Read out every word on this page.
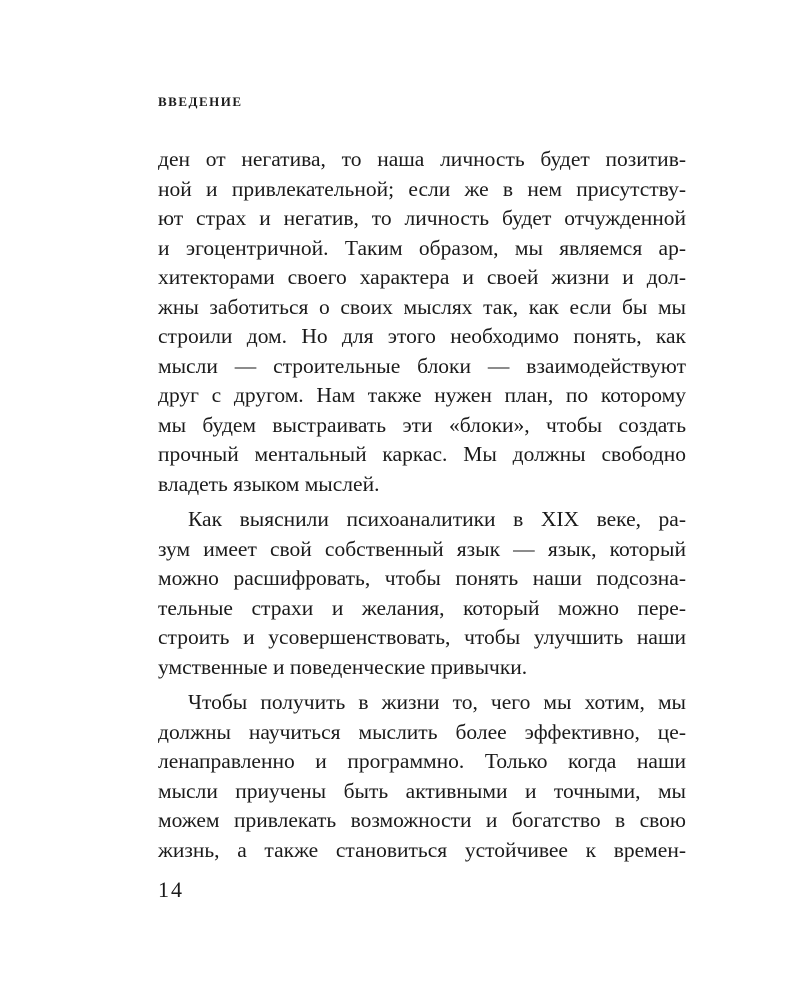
введение
ден от негатива, то наша личность будет позитив-
ной и привлекательной; если же в нем присутству-
ют страх и негатив, то личность будет отчужденной
и эгоцентричной. Таким образом, мы являемся ар-
хитекторами своего характера и своей жизни и дол-
жны заботиться о своих мыслях так, как если бы мы
строили дом. Но для этого необходимо понять, как
мысли — строительные блоки — взаимодействуют
друг с другом. Нам также нужен план, по которому
мы будем выстраивать эти «блоки», чтобы создать
прочный ментальный каркас. Мы должны свободно
владеть языком мыслей.
Как выяснили психоаналитики в XIX веке, ра-
зум имеет свой собственный язык — язык, который
можно расшифровать, чтобы понять наши подсозна-
тельные страхи и желания, который можно пере-
строить и усовершенствовать, чтобы улучшить наши
умственные и поведенческие привычки.
Чтобы получить в жизни то, чего мы хотим, мы
должны научиться мыслить более эффективно, це-
ленаправленно и программно. Только когда наши
мысли приучены быть активными и точными, мы
можем привлекать возможности и богатство в свою
жизнь, а также становиться устойчивее к времен-
14
